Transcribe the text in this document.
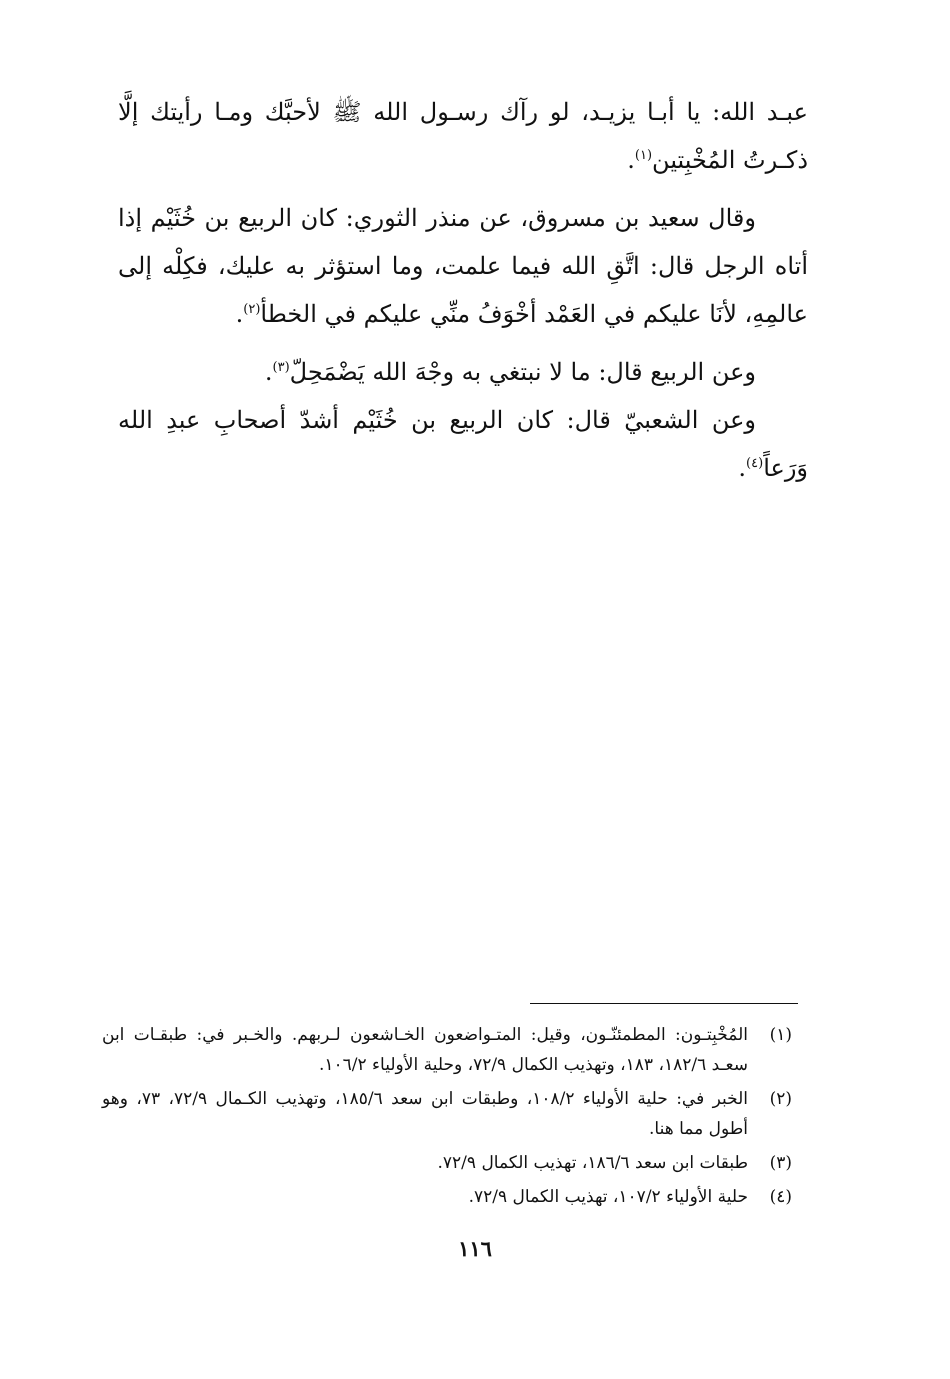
عبـد الله: يا أبـا يزيـد، لو رآك رسـول الله ﷺ لأحبَّك ومـا رأيتك إلَّا ذكـرتُ المُخْبِتين$^{(١)}$.

وقال سعيد بن مسروق، عن منذر الثوري: كان الربيع بن خُثَيْم إذا أتاه الرجل قال: اتَّقِ الله فيما علمت، وما استؤثر به عليك، فكِلْه إلى عالمِهِ، لأنَا عليكم في العَمْد أخْوَفُ منِّي عليكم في الخطأ$^{(٢)}$.

وعن الربيع قال: ما لا نبتغي به وجْهَ الله يَضْمَحِلّ$^{(٣)}$.

وعن الشعبيّ قال: كان الربيع بن خُثَيْم أشدّ أصحابِ عبدِ الله وَرَعاً$^{(٤)}$.

(١)
المُخْبِتـون: المطمئنّـون، وقيل: المتـواضعون الخـاشعون لـربهم. والخـبر في: طبقـات ابن سعـد ١٨٢/٦، ١٨٣، وتهذيب الكمال ٧٢/٩، وحلية الأولياء ١٠٦/٢.
(٢)
الخبر في: حلية الأولياء ١٠٨/٢، وطبقات ابن سعد ١٨٥/٦، وتهذيب الكـمال ٧٢/٩، ٧٣، وهو أطول مما هنا.
(٣)
طبقات ابن سعد ١٨٦/٦، تهذيب الكمال ٧٢/٩.
(٤)
حلية الأولياء ١٠٧/٢، تهذيب الكمال ٧٢/٩.
١١٦
